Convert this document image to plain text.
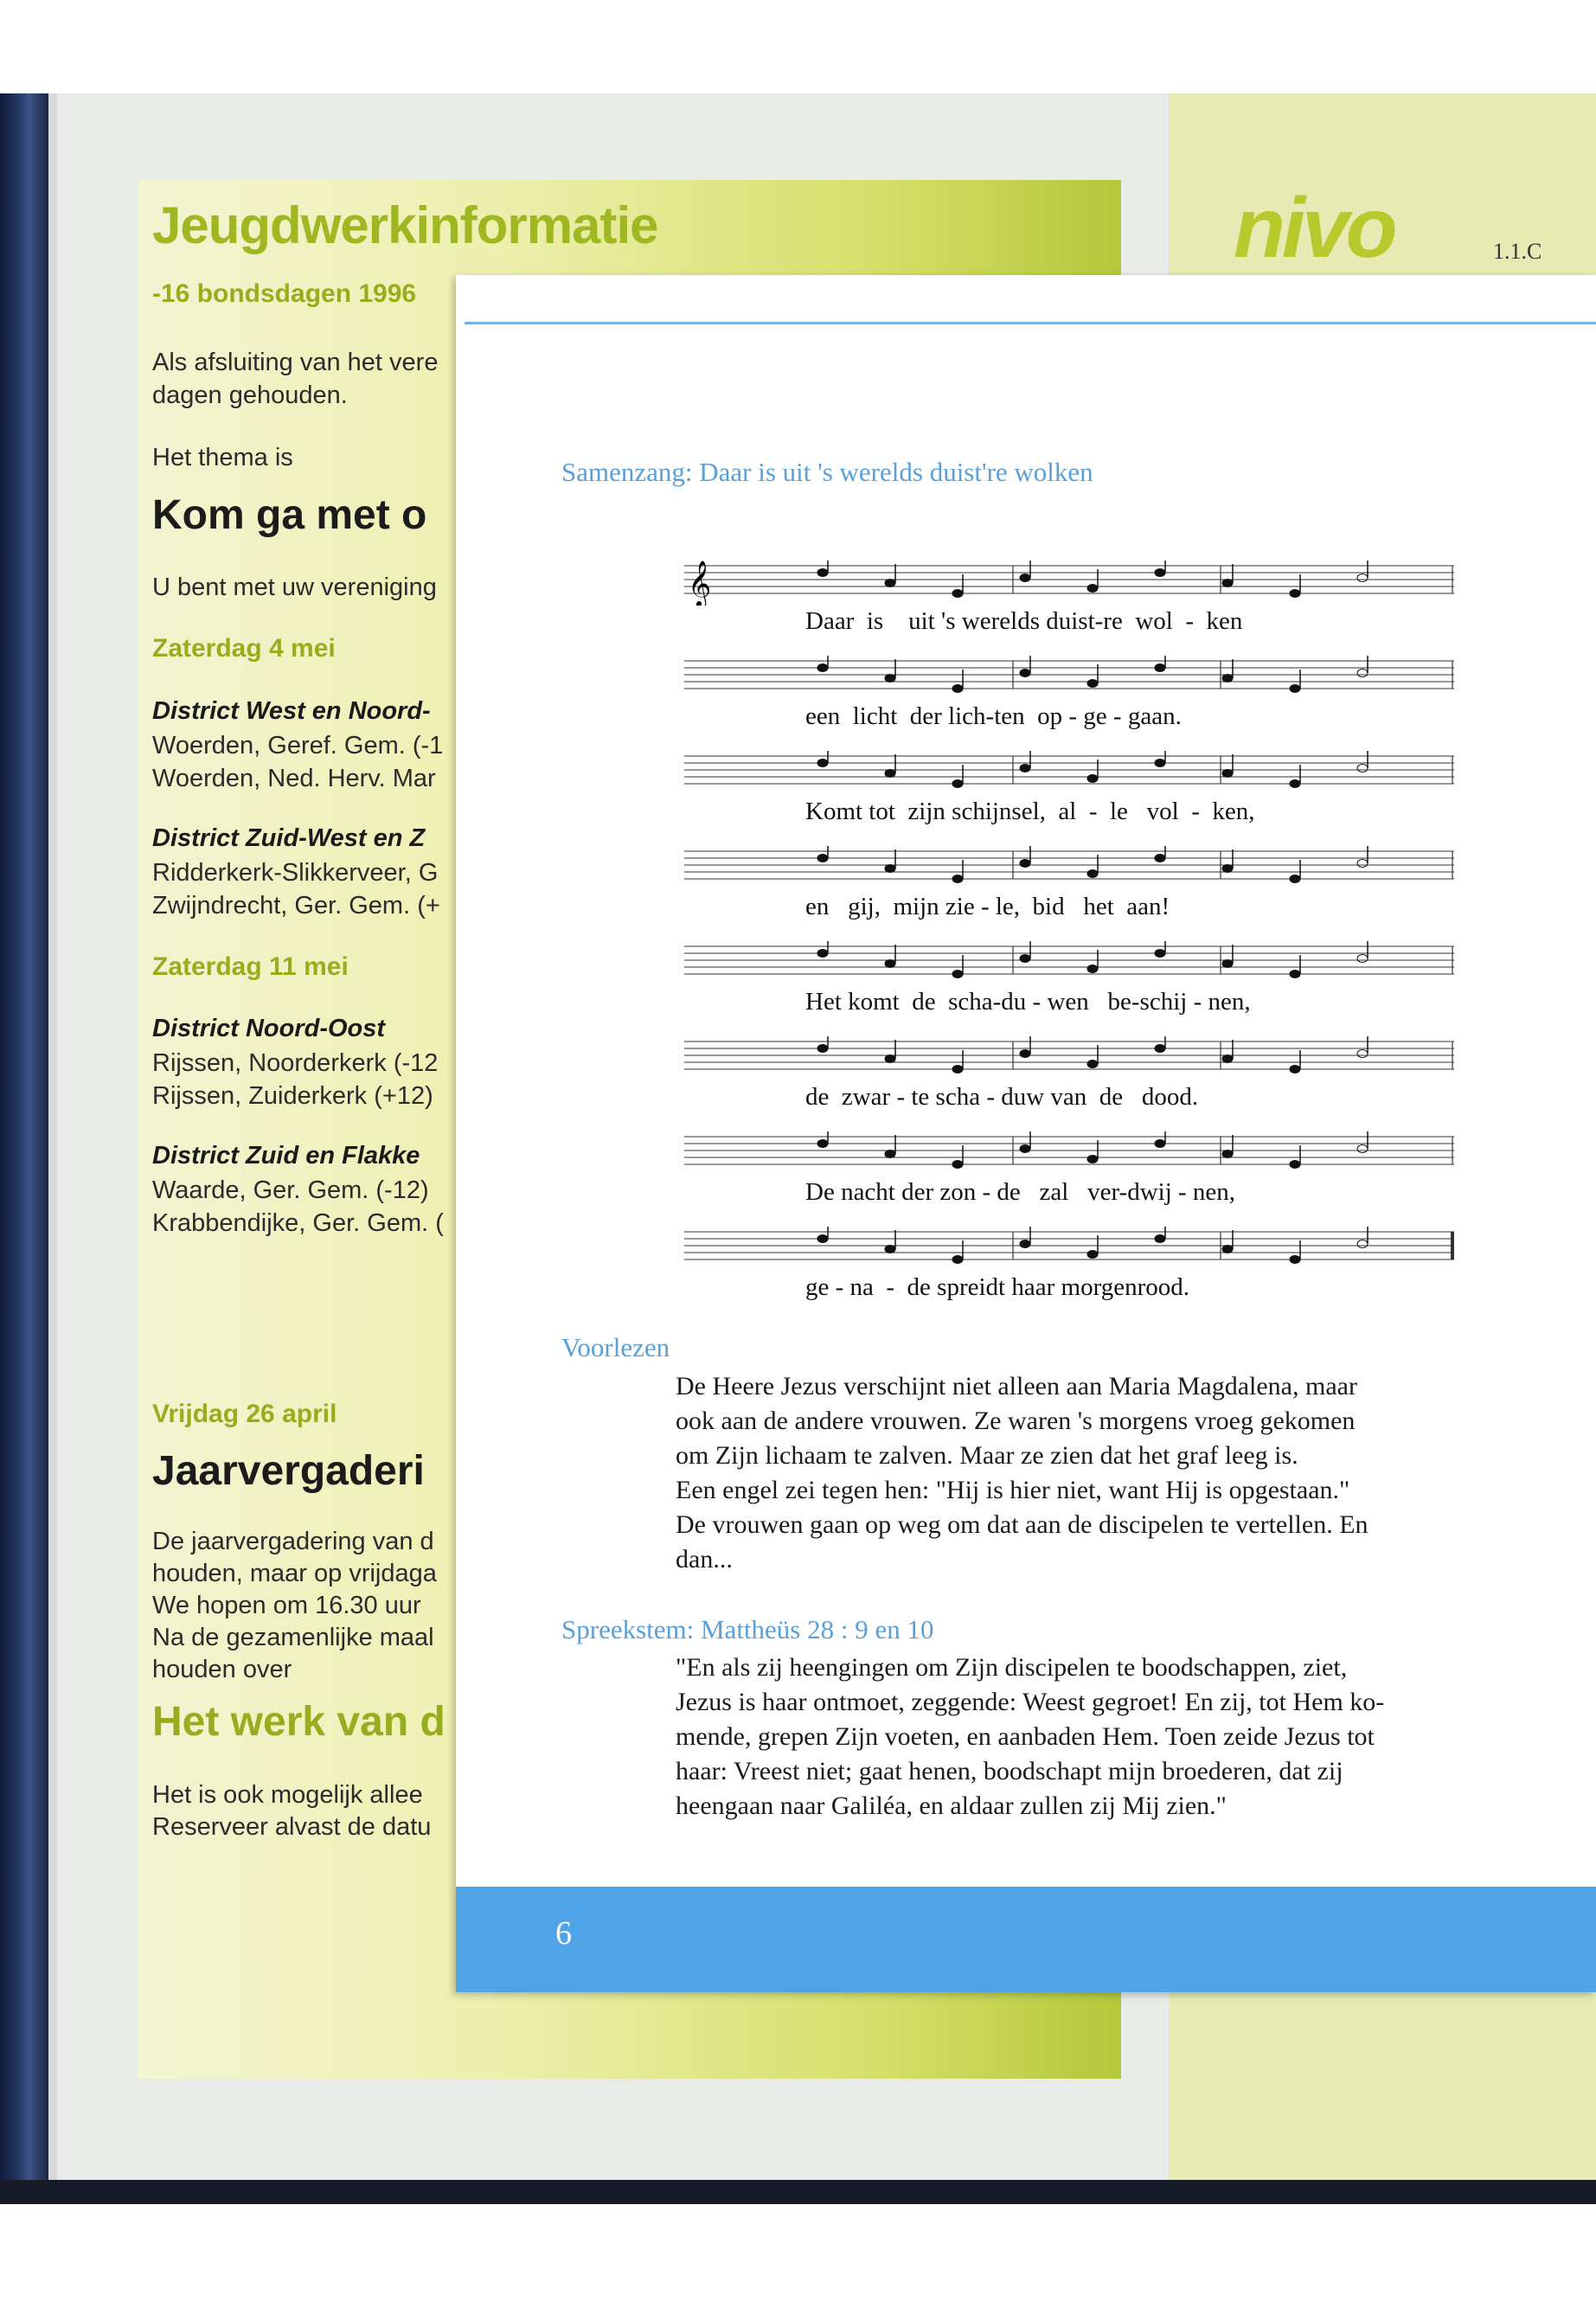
nivo	1.1.C
Jeugdwerkinformatie
-16 bondsdagen 1996
Als afsluiting van het vere
dagen gehouden.
Het thema is
Kom ga met o
U bent met uw vereniging
Zaterdag 4 mei
District West en Noord-
Woerden, Geref. Gem. (-1
Woerden, Ned. Herv. Mar
District Zuid-West en Z
Ridderkerk-Slikkerveer, G
Zwijndrecht, Ger. Gem. (+
Zaterdag 11 mei
District Noord-Oost
Rijssen, Noorderkerk (-12
Rijssen, Zuiderkerk (+12)
District Zuid en Flakke
Waarde, Ger. Gem. (-12)
Krabbendijke, Ger. Gem. (
Vrijdag 26 april
Jaarvergaderi
De jaarvergadering van d
houden, maar op vrijdaga
We hopen om 16.30 uur
Na de gezamenlijke maal
houden over
Het werk van d
Het is ook mogelijk allee
Reserveer alvast de datu
Samenzang: Daar is uit 's werelds duist're wolken
𝄞
Daar  is    uit 's werelds duist-re  wol  -  ken
een  licht  der lich-ten  op - ge - gaan.
Komt tot  zijn schijnsel,  al  -  le   vol  -  ken,
en   gij,  mijn zie - le,  bid   het  aan!
Het komt  de  scha-du - wen   be-schij - nen,
de  zwar - te scha - duw van  de   dood.
De nacht der zon - de   zal   ver-dwij - nen,
ge - na  -  de spreidt haar morgenrood.
Voorlezen

De Heere Jezus verschijnt niet alleen aan Maria Magdalena, maar

ook aan de andere vrouwen. Ze waren 's morgens vroeg gekomen

om Zijn lichaam te zalven. Maar ze zien dat het graf leeg is.

Een engel zei tegen hen: "Hij is hier niet, want Hij is opgestaan."

De vrouwen gaan op weg om dat aan de discipelen te vertellen. En

dan...

Spreekstem: Mattheüs 28 : 9 en 10

"En als zij heengingen om Zijn discipelen te boodschappen, ziet,

Jezus is haar ontmoet, zeggende: Weest gegroet! En zij, tot Hem ko-

mende, grepen Zijn voeten, en aanbaden Hem. Toen zeide Jezus tot

haar: Vreest niet; gaat henen, boodschapt mijn broederen, dat zij

heengaan naar Galiléa, en aldaar zullen zij Mij zien."

6
